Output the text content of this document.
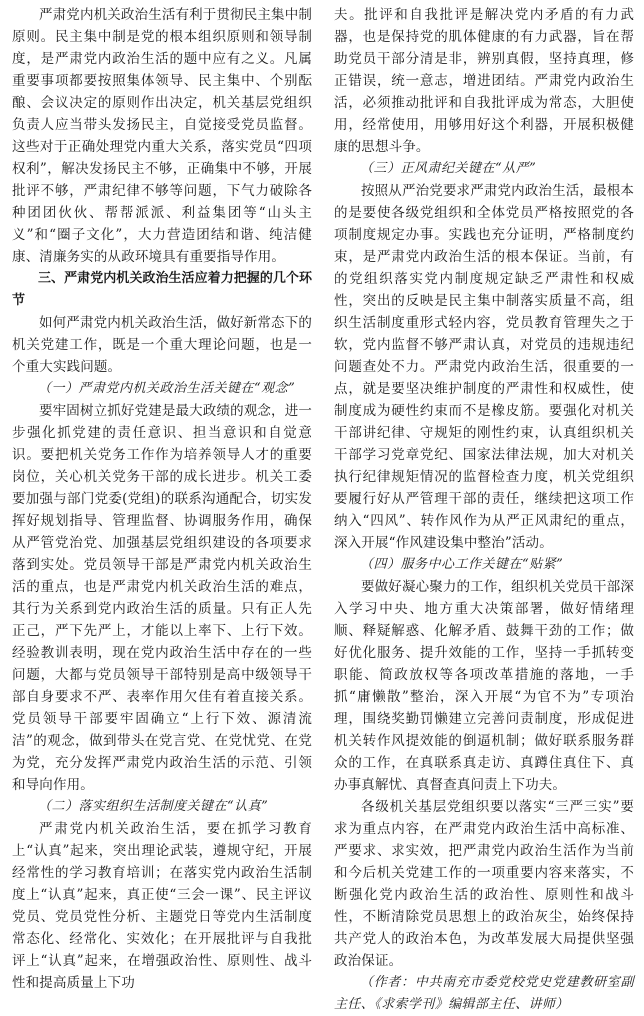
严肃党内机关政治生活有利于贯彻民主集中制原则。民主集中制是党的根本组织原则和领导制度，是严肃党内政治生活的题中应有之义。凡属重要事项都要按照集体领导、民主集中、个别酝酿、会议决定的原则作出决定，机关基层党组织负责人应当带头发扬民主，自觉接受党员监督。这些对于正确处理党内重大关系，落实党员“四项权利”，解决发扬民主不够，正确集中不够，开展批评不够，严肃纪律不够等问题，下气力破除各种团团伙伙、帮帮派派、利益集团等“山头主义”和“圈子文化”，大力营造团结和谐、纯洁健康、清廉务实的从政环境具有重要指导作用。

三、严肃党内机关政治生活应着力把握的几个环节

如何严肃党内机关政治生活，做好新常态下的机关党建工作，既是一个重大理论问题，也是一个重大实践问题。

（一）严肃党内机关政治生活关键在“观念”

要牢固树立抓好党建是最大政绩的观念，进一步强化抓党建的责任意识、担当意识和自觉意识。要把机关党务工作作为培养领导人才的重要岗位，关心机关党务干部的成长进步。机关工委要加强与部门党委(党组)的联系沟通配合，切实发挥好规划指导、管理监督、协调服务作用，确保从严管党治党、加强基层党组织建设的各项要求落到实处。党员领导干部是严肃党内机关政治生活的重点，也是严肃党内机关政治生活的难点，其行为关系到党内政治生活的质量。只有正人先正己，严下先严上，才能以上率下、上行下效。经验教训表明，现在党内政治生活中存在的一些问题，大都与党员领导干部特别是高中级领导干部自身要求不严、表率作用欠佳有着直接关系。党员领导干部要牢固确立“上行下效、源清流洁”的观念，做到带头在党言党、在党忧党、在党为党，充分发挥严肃党内政治生活的示范、引领和导向作用。

（二）落实组织生活制度关键在“认真”

严肃党内机关政治生活，要在抓学习教育上“认真”起来，突出理论武装，遵规守纪，开展经常性的学习教育培训；在落实党内政治生活制度上“认真”起来，真正使“三会一课”、民主评议党员、党员党性分析、主题党日等党内生活制度常态化、经常化、实效化；在开展批评与自我批评上“认真”起来，在增强政治性、原则性、战斗性和提高质量上下功

夫。批评和自我批评是解决党内矛盾的有力武器，也是保持党的肌体健康的有力武器，旨在帮助党员干部分清是非，辨别真假，坚持真理，修正错误，统一意志，增进团结。严肃党内政治生活，必须推动批评和自我批评成为常态，大胆使用，经常使用，用够用好这个利器，开展积极健康的思想斗争。

（三）正风肃纪关键在“从严”

按照从严治党要求严肃党内政治生活，最根本的是要使各级党组织和全体党员严格按照党的各项制度规定办事。实践也充分证明，严格制度约束，是严肃党内政治生活的根本保证。当前，有的党组织落实党内制度规定缺乏严肃性和权威性，突出的反映是民主集中制落实质量不高，组织生活制度重形式轻内容，党员教育管理失之于软，党内监督不够严肃认真，对党员的违规违纪问题查处不力。严肃党内政治生活，很重要的一点，就是要坚决维护制度的严肃性和权威性，使制度成为硬性约束而不是橡皮筋。要强化对机关干部讲纪律、守规矩的刚性约束，认真组织机关干部学习党章党纪、国家法律法规，加大对机关执行纪律规矩情况的监督检查力度，机关党组织要履行好从严管理干部的责任，继续把这项工作纳入“四风”、转作风作为从严正风肃纪的重点，深入开展“作风建设集中整治”活动。

（四）服务中心工作关键在“贴紧”

要做好凝心聚力的工作，组织机关党员干部深入学习中央、地方重大决策部署，做好情绪理顺、释疑解惑、化解矛盾、鼓舞干劲的工作；做好优化服务、提升效能的工作，坚持一手抓转变职能、简政放权等各项改革措施的落地，一手抓“庸懒散”整治，深入开展“为官不为”专项治理，围绕奖勤罚懒建立完善问责制度，形成促进机关转作风提效能的倒逼机制；做好联系服务群众的工作，在真联系真走访、真蹲住真住下、真办事真解忧、真督查真问责上下功夫。

各级机关基层党组织要以落实“三严三实”要求为重点内容，在严肃党内政治生活中高标准、严要求、求实效，把严肃党内政治生活作为当前和今后机关党建工作的一项重要内容来落实，不断强化党内政治生活的政治性、原则性和战斗性，不断清除党员思想上的政治灰尘，始终保持共产党人的政治本色，为改革发展大局提供坚强政治保证。

（作者：中共南充市委党校党史党建教研室副主任、《求索学刊》编辑部主任、讲师）
